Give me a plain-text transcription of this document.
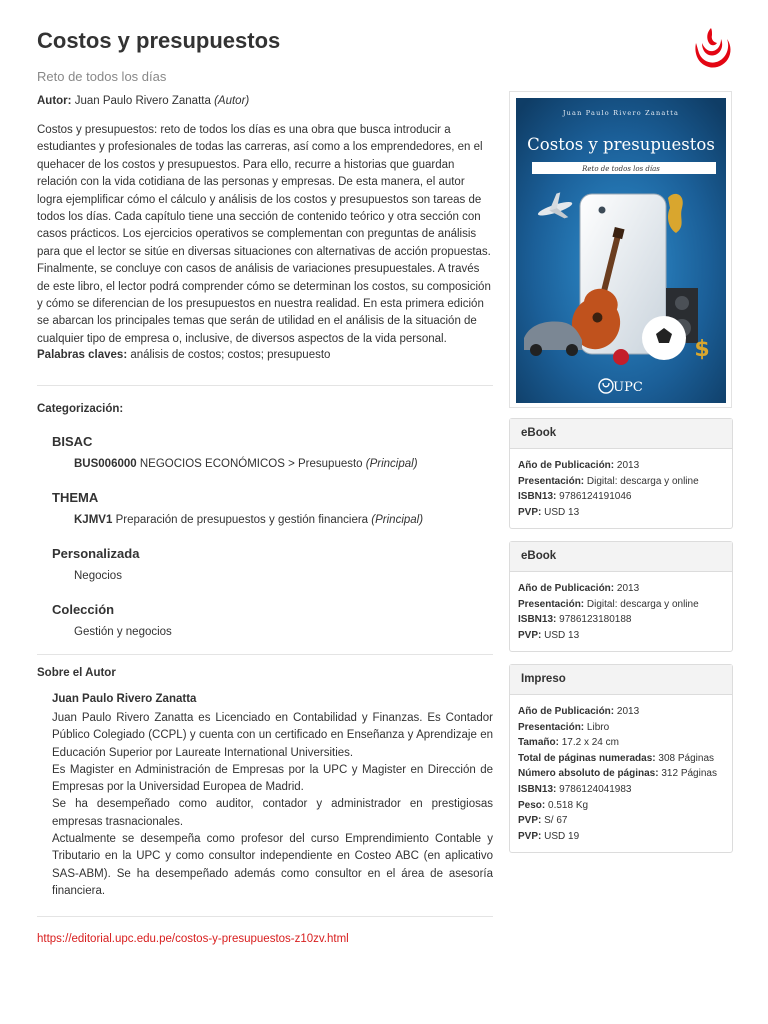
Costos y presupuestos
Reto de todos los días
Autor: Juan Paulo Rivero Zanatta (Autor)
Costos y presupuestos: reto de todos los días es una obra que busca introducir a estudiantes y profesionales de todas las carreras, así como a los emprendedores, en el quehacer de los costos y presupuestos. Para ello, recurre a historias que guardan relación con la vida cotidiana de las personas y empresas. De esta manera, el autor logra ejemplificar cómo el cálculo y análisis de los costos y presupuestos son tareas de todos los días. Cada capítulo tiene una sección de contenido teórico y otra sección con casos prácticos. Los ejercicios operativos se complementan con preguntas de análisis para que el lector se sitúe en diversas situaciones con alternativas de acción propuestas. Finalmente, se concluye con casos de análisis de variaciones presupuestales. A través de este libro, el lector podrá comprender cómo se determinan los costos, su composición y cómo se diferencian de los presupuestos en nuestra realidad. En esta primera edición se abarcan los principales temas que serán de utilidad en el análisis de la situación de cualquier tipo de empresa o, inclusive, de diversos aspectos de la vida personal.
Palabras claves: análisis de costos; costos; presupuesto
Categorización:
BISAC
BUS006000 NEGOCIOS ECONÓMICOS > Presupuesto (Principal)
THEMA
KJMV1 Preparación de presupuestos y gestión financiera (Principal)
Personalizada
Negocios
Colección
Gestión y negocios
Sobre el Autor
Juan Paulo Rivero Zanatta

Juan Paulo Rivero Zanatta es Licenciado en Contabilidad y Finanzas. Es Contador Público Colegiado (CCPL) y cuenta con un certificado en Enseñanza y Aprendizaje en Educación Superior por Laureate International Universities.

Es Magister en Administración de Empresas por la UPC y Magister en Dirección de Empresas por la Universidad Europea de Madrid.

Se ha desempeñado como auditor, contador y administrador en prestigiosas empresas trasnacionales.

Actualmente se desempeña como profesor del curso Emprendimiento Contable y Tributario en la UPC y como consultor independiente en Costeo ABC (en aplicativo SAS-ABM). Se ha desempeñado además como consultor en el área de asesoría financiera.

https://editorial.upc.edu.pe/costos-y-presupuestos-z10zv.html
Juan Paulo Rivero Zanatta
Costos y presupuestos
Reto de todos los días
$
UPC
eBook
Año de Publicación: 2013
Presentación: Digital: descarga y online
ISBN13: 9786124191046
PVP: USD 13
eBook
Año de Publicación: 2013
Presentación: Digital: descarga y online
ISBN13: 9786123180188
PVP: USD 13
Impreso
Año de Publicación: 2013
Presentación: Libro
Tamaño: 17.2 x 24 cm
Total de páginas numeradas: 308 Páginas
Número absoluto de páginas: 312 Páginas
ISBN13: 9786124041983
Peso: 0.518 Kg
PVP: S/ 67
PVP: USD 19
